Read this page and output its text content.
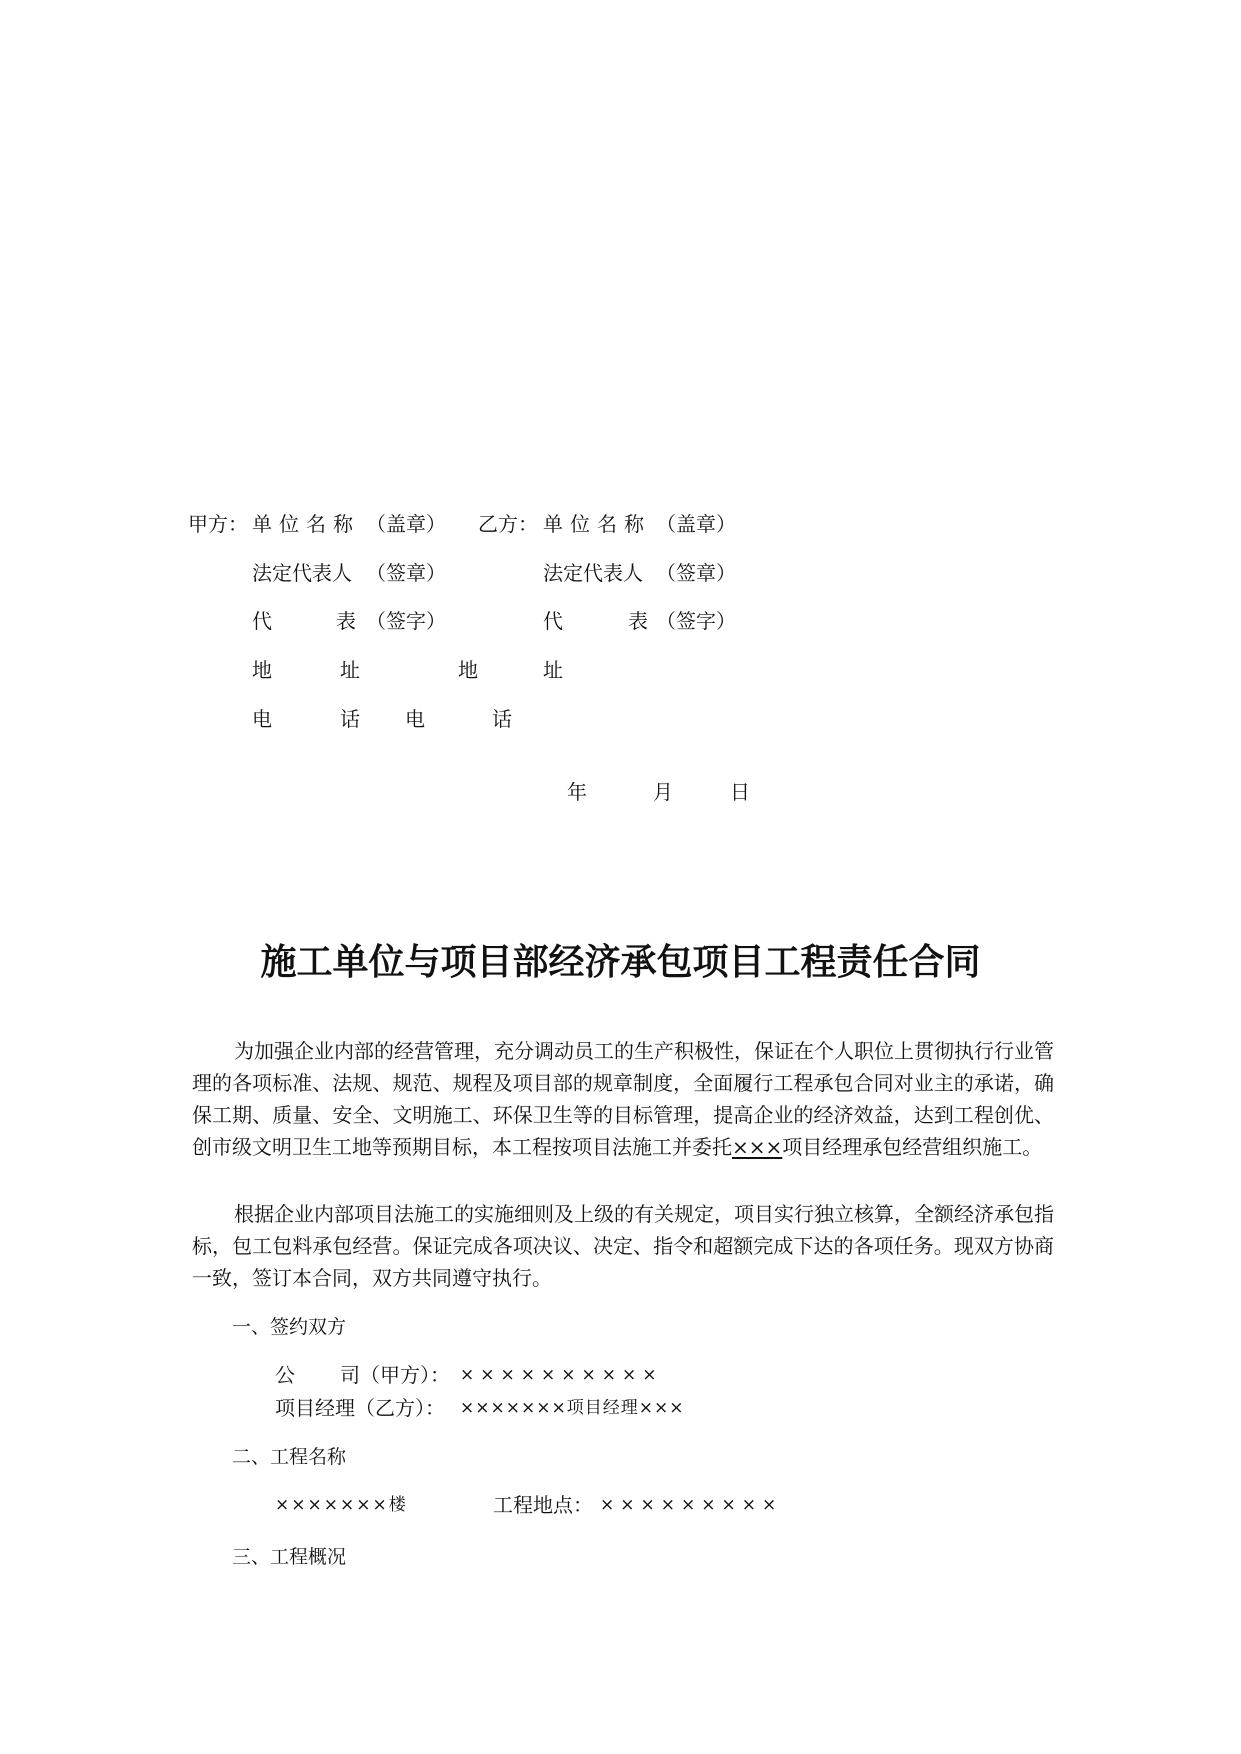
甲方： 单位名称 （盖章） 乙方： 单位名称 （盖章）
法定代表人 （签章）	法定代表人 （签章）
代	表 （签字）	代	表 （签字）
地	址	地	址
电	话 电	话
年	月	日
施工单位与项目部经济承包项目工程责任合同
为加强企业内部的经营管理，充分调动员工的生产积极性，保证在个人职位上贯彻执行行业管理的各项标准、法规、规范、规程及项目部的规章制度，全面履行工程承包合同对业主的承诺，确保工期、质量、安全、文明施工、环保卫生等的目标管理，提高企业的经济效益，达到工程创优、创市级文明卫生工地等预期目标，本工程按项目法施工并委托×××项目经理承包经营组织施工。
根据企业内部项目法施工的实施细则及上级的有关规定，项目实行独立核算，全额经济承包指标，包工包料承包经营。保证完成各项决议、决定、指令和超额完成下达的各项任务。现双方协商一致，签订本合同，双方共同遵守执行。
一、签约双方
公 司（甲方）： ××××××××××
项目经理（乙方）： ×××××××项目经理×××
二、工程名称
×××××××楼	工程地点： ×××××××××
三、工程概况
